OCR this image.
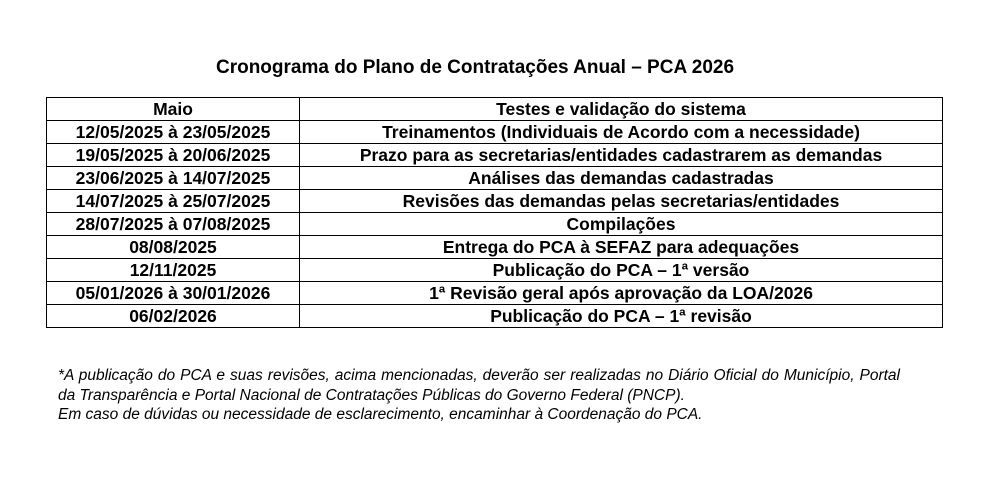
Cronograma do Plano de Contratações Anual – PCA 2026
Maio	Testes e validação do sistema
12/05/2025 à 23/05/2025	Treinamentos (Individuais de Acordo com a necessidade)
19/05/2025 à 20/06/2025	Prazo para as secretarias/entidades cadastrarem as demandas
23/06/2025 à 14/07/2025	Análises das demandas cadastradas
14/07/2025 à 25/07/2025	Revisões das demandas pelas secretarias/entidades
28/07/2025 à 07/08/2025	Compilações
08/08/2025	Entrega do PCA à SEFAZ para adequações
12/11/2025	Publicação do PCA – 1ª versão
05/01/2026 à 30/01/2026	1ª Revisão geral após aprovação da LOA/2026
06/02/2026	Publicação do PCA – 1ª revisão

*A publicação do PCA e suas revisões, acima mencionadas, deverão ser realizadas no Diário Oficial do Município, Portal da Transparência e Portal Nacional de Contratações Públicas do Governo Federal (PNCP).

Em caso de dúvidas ou necessidade de esclarecimento, encaminhar à Coordenação do PCA.
